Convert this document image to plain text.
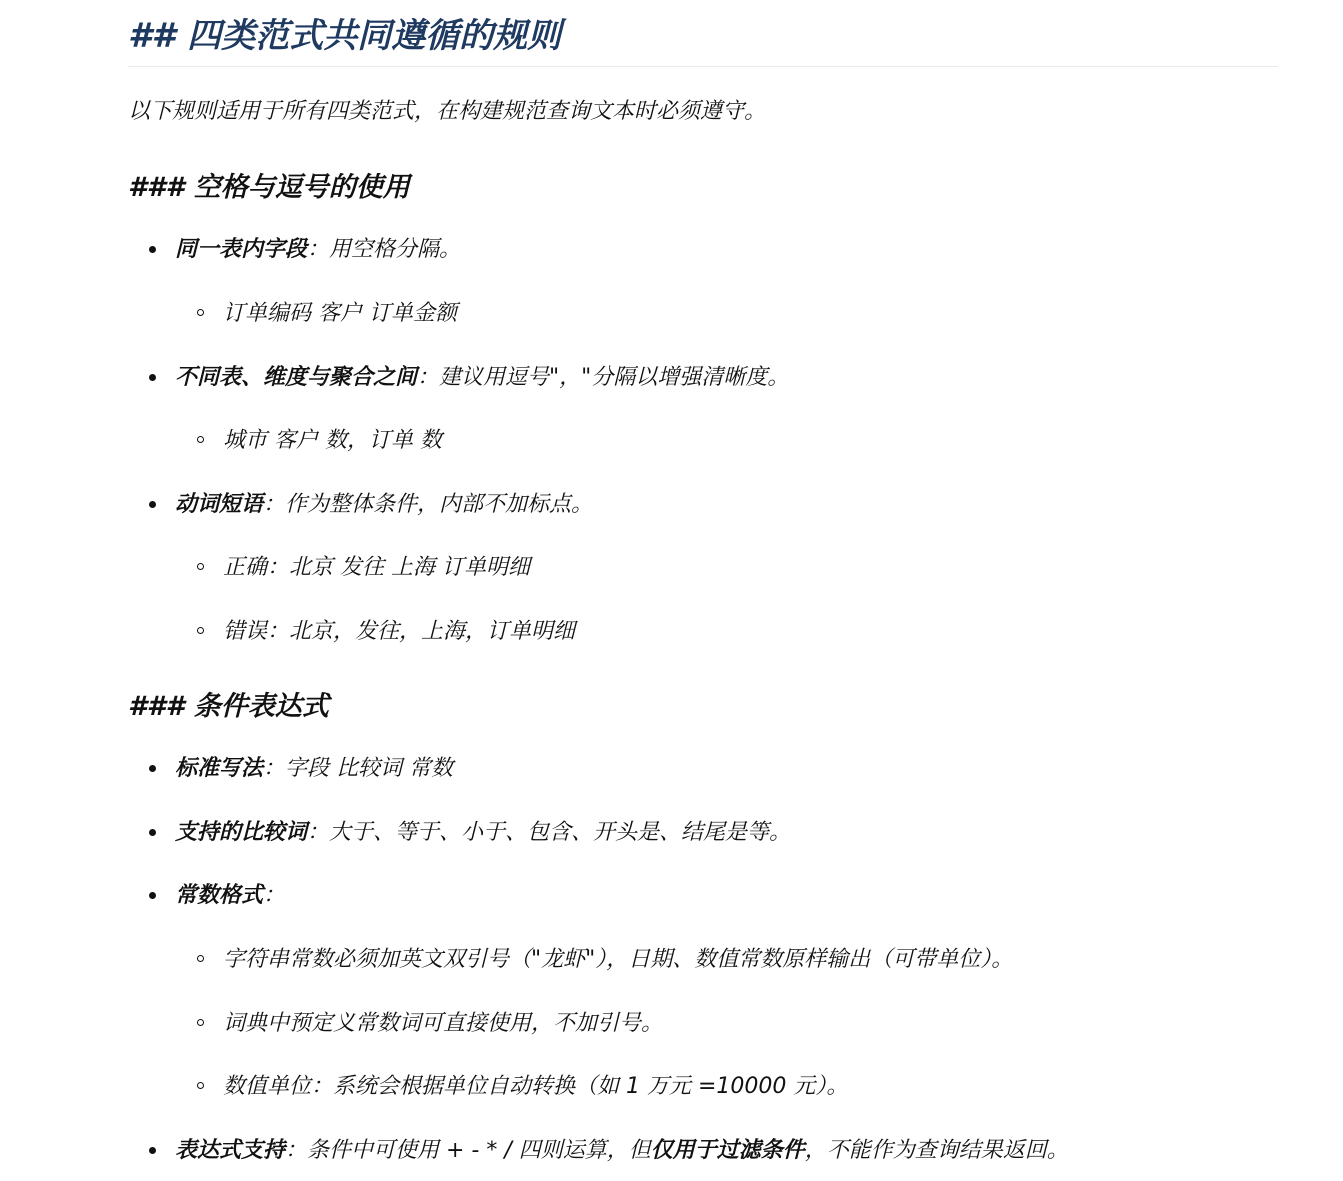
## 四类范式共同遵循的规则
以下规则适用于所有四类范式，在构建规范查询文本时必须遵守。
### 空格与逗号的使用
同一表内字段：用空格分隔。
订单编码 客户 订单金额
不同表、维度与聚合之间：建议用逗号"，"分隔以增强清晰度。
城市 客户 数，订单 数
动词短语：作为整体条件，内部不加标点。
正确：北京 发往 上海 订单明细
错误：北京，发往，上海，订单明细
### 条件表达式
标准写法：字段 比较词 常数
支持的比较词：大于、等于、小于、包含、开头是、结尾是等。
常数格式：
字符串常数必须加英文双引号（"龙虾"），日期、数值常数原样输出（可带单位）。
词典中预定义常数词可直接使用，不加引号。
数值单位：系统会根据单位自动转换（如 1 万元 =10000 元）。
表达式支持：条件中可使用 + - * / 四则运算，但仅用于过滤条件，不能作为查询结果返回。
